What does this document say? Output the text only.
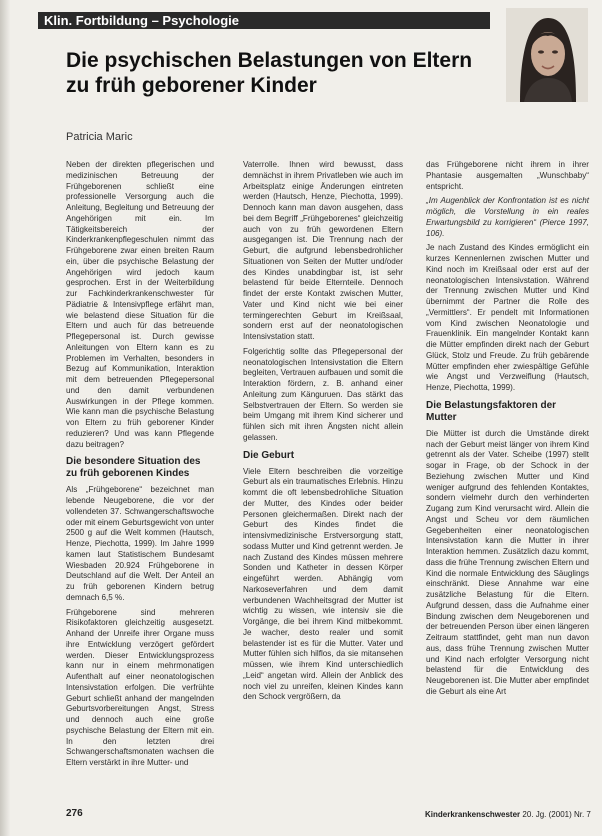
Klin. Fortbildung – Psychologie
Die psychischen Belastungen von Eltern
zu früh geborener Kinder
Patricia Maric

Neben der direkten pflegerischen und medizinischen Betreuung der Frühgeborenen schließt eine professionelle Versorgung auch die Anleitung, Begleitung und Betreuung der Angehörigen mit ein. Im Tätigkeitsbereich der Kinderkrankenpflegeschulen nimmt das Frühgeborene zwar einen breiten Raum ein, über die psychische Belastung der Angehörigen wird jedoch kaum gesprochen. Erst in der Weiterbildung zur Fachkinderkrankenschwester für Pädiatrie & Intensivpflege erfährt man, wie belastend diese Situation für die Eltern und auch für das betreuende Pflegepersonal ist. Durch gewisse Anleitungen von Eltern kann es zu Problemen im Verhalten, besonders in Bezug auf Kommunikation, Interaktion mit dem betreuenden Pflegepersonal und den damit verbundenen Auswirkungen in der Pflege kommen. Wie kann man die psychische Belastung von Eltern zu früh geborener Kinder reduzieren? Und was kann Pflegende dazu beitragen?

Die besondere Situation des zu früh geborenen Kindes

Als „Frühgeborene“ bezeichnet man lebende Neugeborene, die vor der vollendeten 37. Schwangerschaftswoche oder mit einem Geburtsgewicht von unter 2500 g auf die Welt kommen (Hautsch, Henze, Piechotta, 1999). Im Jahre 1999 kamen laut Statistischem Bundesamt Wiesbaden 20.924 Frühgeborene in Deutschland auf die Welt. Der Anteil an zu früh geborenen Kindern betrug demnach 6,5 %.

Frühgeborene sind mehreren Risikofaktoren gleichzeitig ausgesetzt. Anhand der Unreife ihrer Organe muss ihre Entwicklung verzögert gefördert werden. Dieser Entwicklungsprozess kann nur in einem mehrmonatigen Aufenthalt auf einer neonatologischen Intensivstation erfolgen. Die verfrühte Geburt schließt anhand der mangelnden Geburtsvorbereitungen Angst, Stress und dennoch auch eine große psychische Belastung der Eltern mit ein. In den letzten drei Schwangerschaftsmonaten wachsen die Eltern verstärkt in ihre Mutter- und

Vaterrolle. Ihnen wird bewusst, dass demnächst in ihrem Privatleben wie auch im Arbeitsplatz einige Änderungen eintreten werden (Hautsch, Henze, Piechotta, 1999). Dennoch kann man davon ausgehen, dass bei dem Begriff „Frühgeborenes“ gleichzeitig auch von zu früh gewordenen Eltern ausgegangen ist. Die Trennung nach der Geburt, die aufgrund lebensbedrohlicher Situationen von Seiten der Mutter und/oder des Kindes unabdingbar ist, ist sehr belastend für beide Elternteile. Dennoch findet der erste Kontakt zwischen Mutter, Vater und Kind nicht wie bei einer termingerechten Geburt im Kreißsaal, sondern erst auf der neonatologischen Intensivstation statt.

Folgerichtig sollte das Pflegepersonal der neonatologischen Intensivstation die Eltern begleiten, Vertrauen aufbauen und somit die Interaktion fördern, z. B. anhand einer Anleitung zum Känguruen. Das stärkt das Selbstvertrauen der Eltern. So werden sie beim Umgang mit ihrem Kind sicherer und fühlen sich mit ihren Ängsten nicht allein gelassen.

Die Geburt

Viele Eltern beschreiben die vorzeitige Geburt als ein traumatisches Erlebnis. Hinzu kommt die oft lebensbedrohliche Situation der Mutter, des Kindes oder beider Personen gleichermaßen. Direkt nach der Geburt des Kindes findet die intensivmedizinische Erstversorgung statt, sodass Mutter und Kind getrennt werden. Je nach Zustand des Kindes müssen mehrere Sonden und Katheter in dessen Körper eingeführt werden. Abhängig vom Narkoseverfahren und dem damit verbundenen Wachheitsgrad der Mutter ist wichtig zu wissen, wie intensiv sie die Vorgänge, die bei ihrem Kind mitbekommt. Je wacher, desto realer und somit belastender ist es für die Mutter. Vater und Mutter fühlen sich hilflos, da sie mitansehen müssen, wie ihrem Kind unterschiedlich „Leid“ angetan wird. Allein der Anblick des noch viel zu unreifen, kleinen Kindes kann den Schock vergrößern, da

das Frühgeborene nicht ihrem in ihrer Phantasie ausgemalten „Wunschbaby“ entspricht.

„Im Augenblick der Konfrontation ist es nicht möglich, die Vorstellung in ein reales Erwartungsbild zu korrigieren“ (Pierce 1997, 106).

Je nach Zustand des Kindes ermöglicht ein kurzes Kennenlernen zwischen Mutter und Kind noch im Kreißsaal oder erst auf der neonatologischen Intensivstation. Während der Trennung zwischen Mutter und Kind übernimmt der Partner die Rolle des „Vermittlers“. Er pendelt mit Informationen vom Kind zwischen Neonatologie und Frauenklinik. Ein mangelnder Kontakt kann die Mütter empfinden direkt nach der Geburt Glück, Stolz und Freude. Zu früh gebärende Mütter empfinden eher zwiespältige Gefühle wie Angst und Verzweiflung (Hautsch, Henze, Piechotta, 1999).

Die Belastungsfaktoren der Mutter

Die Mütter ist durch die Umstände direkt nach der Geburt meist länger von ihrem Kind getrennt als der Vater. Scheibe (1997) stellt sogar in Frage, ob der Schock in der Beziehung zwischen Mutter und Kind weniger aufgrund des fehlenden Kontaktes, sondern vielmehr durch den verhinderten Zugang zum Kind verursacht wird. Allein die Angst und Scheu vor dem räumlichen Gegebenheiten einer neonatologischen Intensivstation kann die Mutter in ihrer Interaktion hemmen. Zusätzlich dazu kommt, dass die frühe Trennung zwischen Eltern und Kind die normale Entwicklung des Säuglings einschränkt. Diese Annahme war eine zusätzliche Belastung für die Eltern. Aufgrund dessen, dass die Aufnahme einer Bindung zwischen dem Neugeborenen und der betreuenden Person über einen längeren Zeitraum stattfindet, geht man nun davon aus, dass frühe Trennung zwischen Mutter und Kind nach erfolgter Versorgung nicht belastend für die Entwicklung des Neugeborenen ist. Die Mutter aber empfindet die Geburt als eine Art

276	Kinderkrankenschwester 20. Jg. (2001) Nr. 7
